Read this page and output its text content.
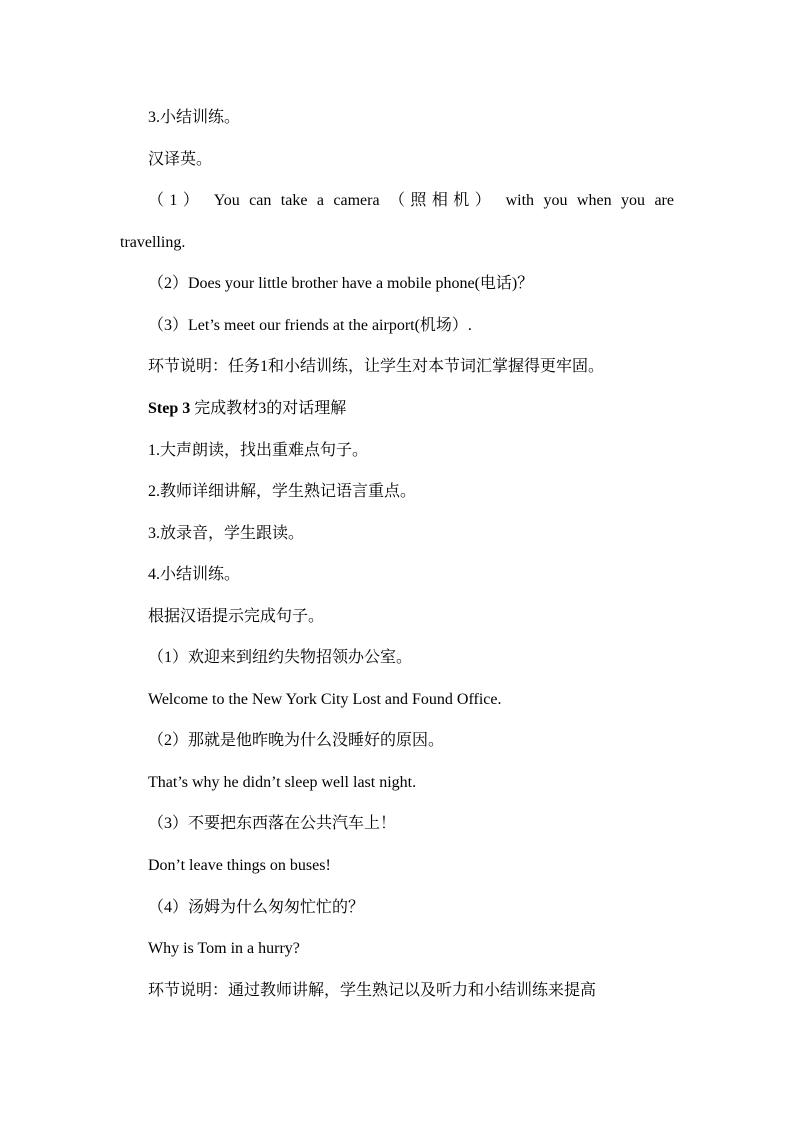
3.小结训练。
汉译英。
（1） You can take a camera （照相机） with you when you are
travelling.
（2）Does your little brother have a mobile phone(电话)？
（3）Let’s meet our friends at the airport(机场）.
环节说明：任务1和小结训练，让学生对本节词汇掌握得更牢固。
Step 3 完成教材3的对话理解
1.大声朗读，找出重难点句子。
2.教师详细讲解，学生熟记语言重点。
3.放录音，学生跟读。
4.小结训练。
根据汉语提示完成句子。
（1）欢迎来到纽约失物招领办公室。
Welcome to the New York City Lost and Found Office.
（2）那就是他昨晚为什么没睡好的原因。
That’s why he didn’t sleep well last night.
（3）不要把东西落在公共汽车上！
Don’t leave things on buses!
（4）汤姆为什么匆匆忙忙的？
Why is Tom in a hurry?
环节说明：通过教师讲解，学生熟记以及听力和小结训练来提高
